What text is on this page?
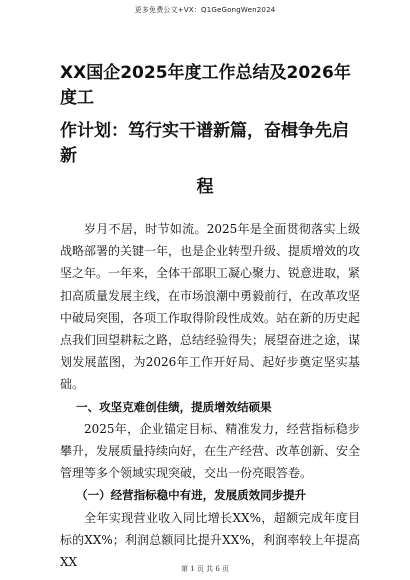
更多免费公文+VX：Q1GeGongWen2024
XX国企2025年度工作总结及2026年度工
作计划：笃行实干谱新篇，奋楫争先启新
程

岁月不居，时节如流。2025年是全面贯彻落实上级战略部署的关键一年，也是企业转型升级、提质增效的攻坚之年。一年来，全体干部职工凝心聚力、锐意进取，紧扣高质量发展主线，在市场浪潮中勇毅前行，在改革攻坚中破局突围，各项工作取得阶段性成效。站在新的历史起点我们回望耕耘之路，总结经验得失；展望奋进之途，谋划发展蓝图，为2026年工作开好局、起好步奠定坚实基础。

一、攻坚克难创佳绩，提质增效结硕果

2025年，企业锚定目标、精准发力，经营指标稳步攀升，发展质量持续向好，在生产经营、改革创新、安全管理等多个领域实现突破，交出一份亮眼答卷。

（一）经营指标稳中有进，发展质效同步提升

全年实现营业收入同比增长XX%，超额完成年度目标的XX%；利润总额同比提升XX%，利润率较上年提高XX	第 1 页 共 6 页
